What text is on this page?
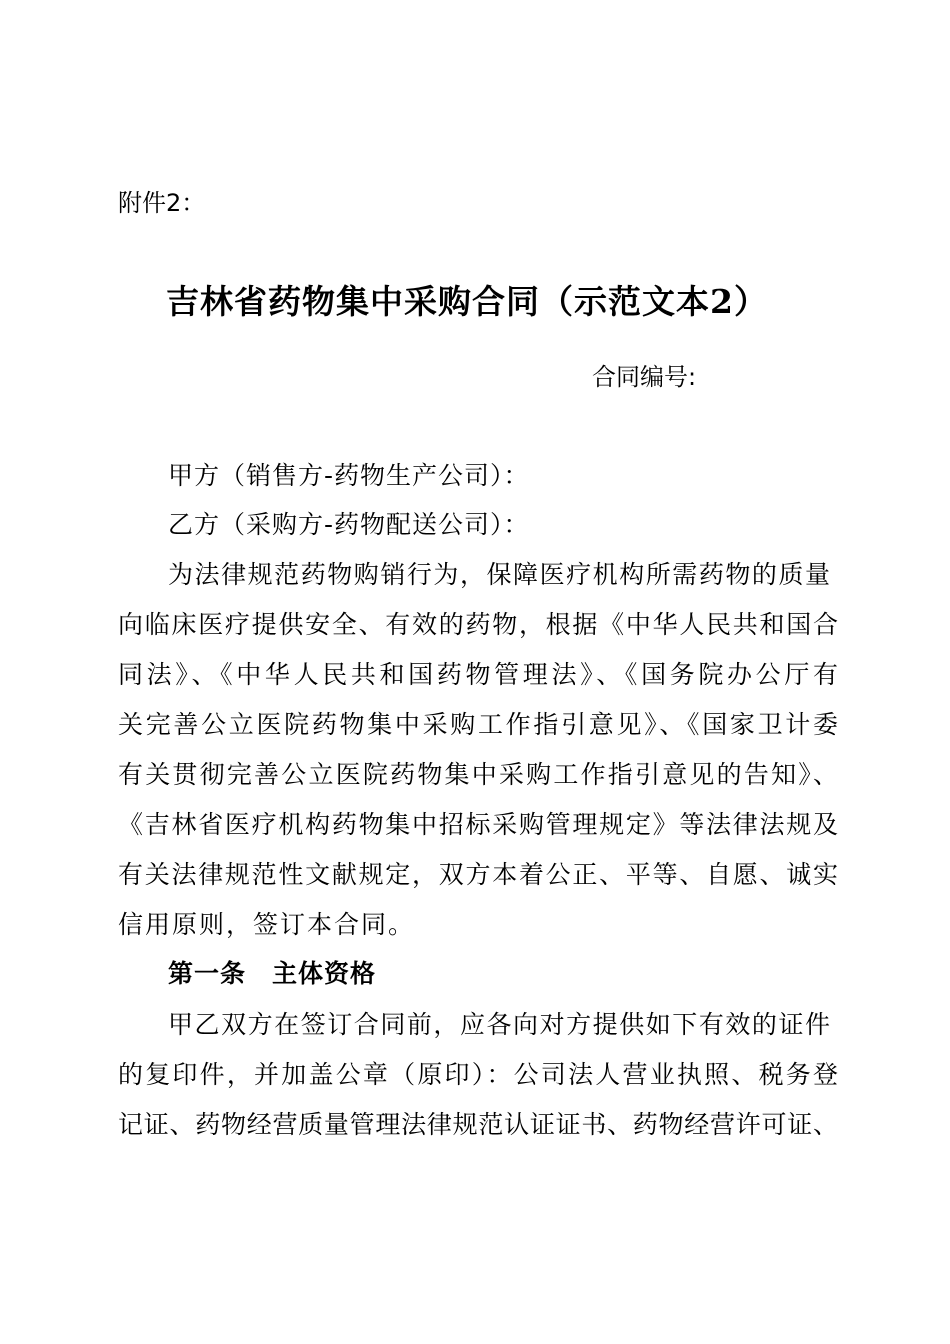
附件2：
吉林省药物集中采购合同（示范文本2）
合同编号:
甲方（销售方-药物生产公司）：
乙方（采购方-药物配送公司）：
为法律规范药物购销行为，保障医疗机构所需药物的质量
向临床医疗提供安全、有效的药物，根据《中华人民共和国合
同法》、《中华人民共和国药物管理法》、《国务院办公厅有
关完善公立医院药物集中采购工作指引意见》、《国家卫计委
有关贯彻完善公立医院药物集中采购工作指引意见的告知》、
《吉林省医疗机构药物集中招标采购管理规定》等法律法规及
有关法律规范性文献规定，双方本着公正、平等、自愿、诚实
信用原则，签订本合同。
第一条　主体资格
甲乙双方在签订合同前，应各向对方提供如下有效的证件
的复印件，并加盖公章（原印）：公司法人营业执照、税务登
记证、药物经营质量管理法律规范认证证书、药物经营许可证、
